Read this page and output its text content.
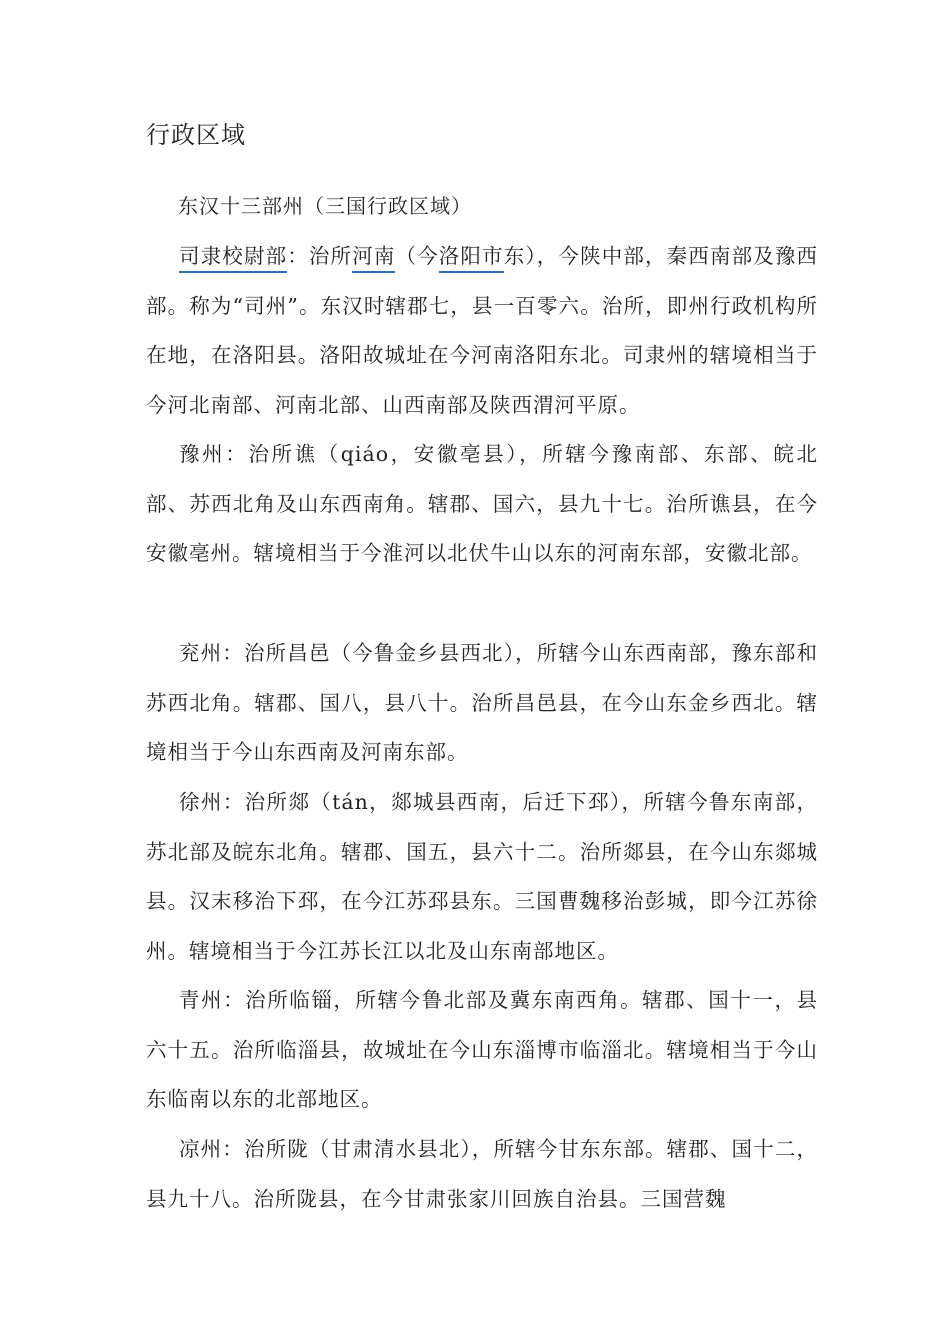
行政区域
东汉十三部州（三国行政区域）

司隶校尉部：治所河南（今洛阳市东），今陕中部，秦西南部及豫西部。称为“司州”。东汉时辖郡七，县一百零六。治所，即州行政机构所在地，在洛阳县。洛阳故城址在今河南洛阳东北。司隶州的辖境相当于今河北南部、河南北部、山西南部及陕西渭河平原。

豫州：治所谯（qiáo，安徽亳县），所辖今豫南部、东部、皖北部、苏西北角及山东西南角。辖郡、国六，县九十七。治所谯县，在今安徽亳州。辖境相当于今淮河以北伏牛山以东的河南东部，安徽北部。

兖州：治所昌邑（今鲁金乡县西北），所辖今山东西南部，豫东部和苏西北角。辖郡、国八，县八十。治所昌邑县，在今山东金乡西北。辖境相当于今山东西南及河南东部。

徐州：治所郯（tán，郯城县西南，后迁下邳），所辖今鲁东南部，苏北部及皖东北角。辖郡、国五，县六十二。治所郯县，在今山东郯城县。汉末移治下邳，在今江苏邳县东。三国曹魏移治彭城，即今江苏徐州。辖境相当于今江苏长江以北及山东南部地区。

青州：治所临锱，所辖今鲁北部及冀东南西角。辖郡、国十一，县六十五。治所临淄县，故城址在今山东淄博市临淄北。辖境相当于今山东临南以东的北部地区。

凉州：治所陇（甘肃清水县北），所辖今甘东东部。辖郡、国十二，县九十八。治所陇县，在今甘肃张家川回族自治县。三国营魏
